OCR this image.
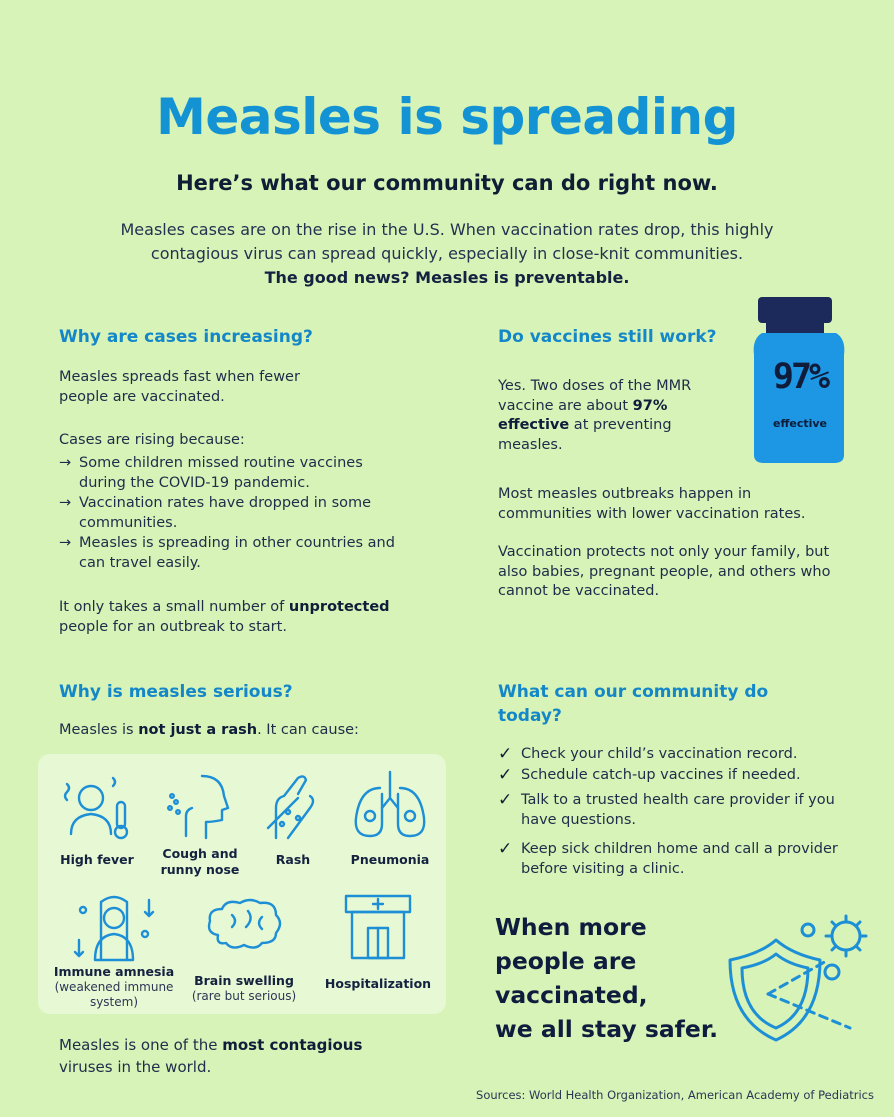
Measles is spreading
Here’s what our community can do right now.
Measles cases are on the rise in the U.S. When vaccination rates drop, this highly
contagious virus can spread quickly, especially in close-knit communities.
The good news? Measles is preventable.
Why are cases increasing?
Measles spreads fast when fewer people are vaccinated.
Cases are rising because:
→ Some children missed routine vaccines during the COVID-19 pandemic.
→ Vaccination rates have dropped in some communities.
→ Measles is spreading in other countries and can travel easily.
It only takes a small number of unprotected people for an outbreak to start.
Do vaccines still work?
Yes. Two doses of the MMR vaccine are about 97% effective at preventing measles.
Most measles outbreaks happen in communities with lower vaccination rates.
Vaccination protects not only your family, but also babies, pregnant people, and others who cannot be vaccinated.
97%
effective
Why is measles serious?
Measles is not just a rash. It can cause:
High fever	Cough and runny nose
Rash	Pneumonia
Immune amnesia
(weakened immune system)
Brain swelling
(rare but serious)
Hospitalization
Measles is one of the most contagious viruses in the world.
What can our community do today?
✓ Check your child’s vaccination record.
✓ Schedule catch-up vaccines if needed.
✓ Talk to a trusted health care provider if you have questions.
✓ Keep sick children home and call a provider before visiting a clinic.
When more
people are
vaccinated,
we all stay safer.
Sources: World Health Organization, American Academy of Pediatrics
